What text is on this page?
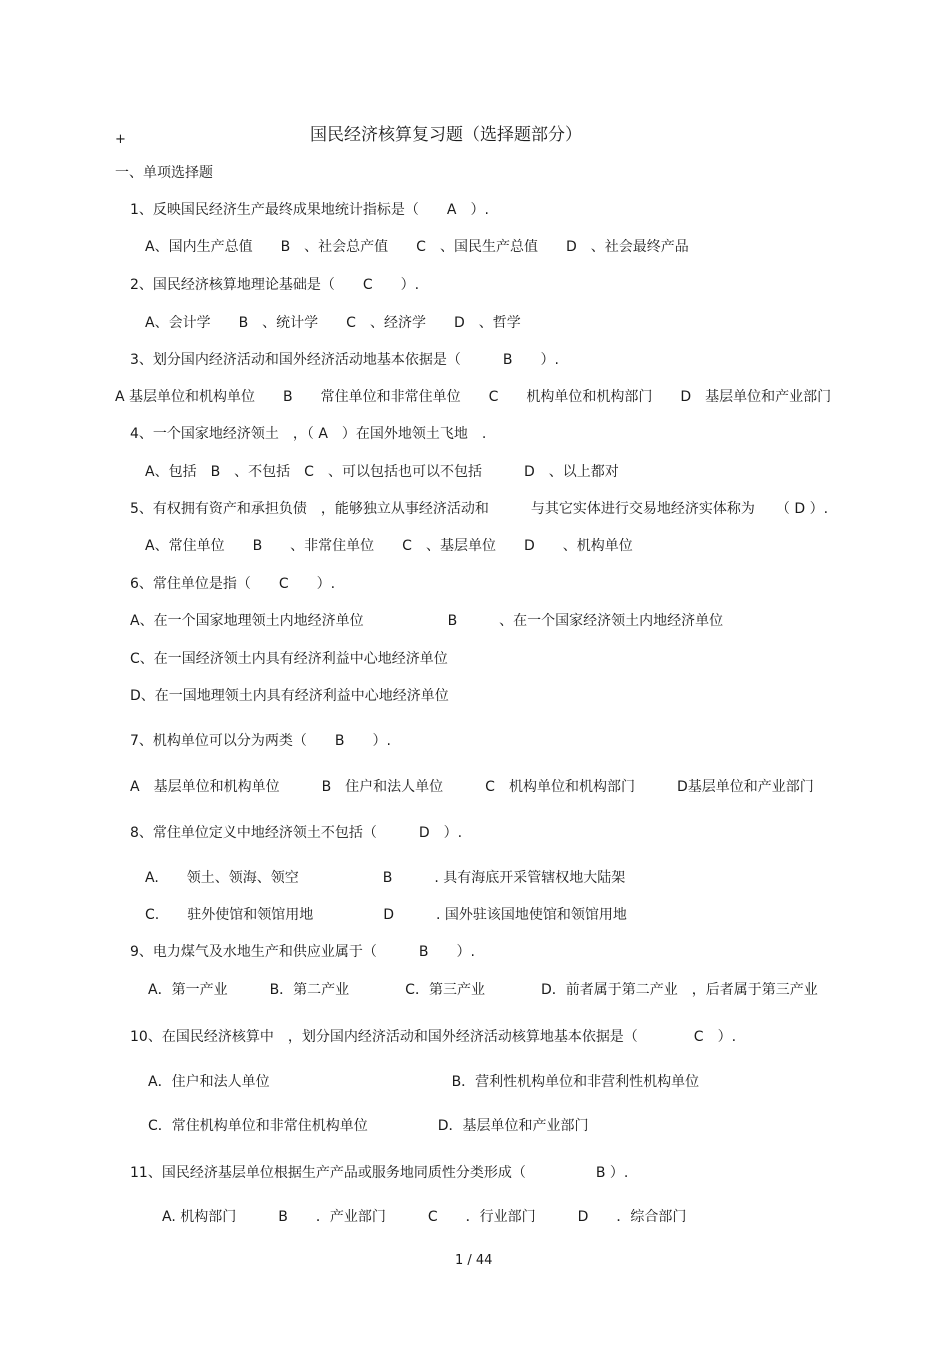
+	国民经济核算复习题（选择题部分）
一、单项选择题
1、反映国民经济生产最终成果地统计指标是（　　A　）.
A、国内生产总值　　B　、社会总产值　　C　、国民生产总值　　D　、社会最终产品
2、国民经济核算地理论基础是（　　C　　）.
A、会计学　　B　、统计学　　C　、经济学　　D　、哲学
3、划分国内经济活动和国外经济活动地基本依据是（　　　B　　）.
A 基层单位和机构单位　　B　　常住单位和非常住单位　　C　　机构单位和机构部门　　D　基层单位和产业部门
4、一个国家地经济领土　，（ A　）在国外地领土飞地　.
A、包括　B　、不包括　C　、可以包括也可以不包括　　　D　、以上都对
5、有权拥有资产和承担负债　，能够独立从事经济活动和　　　与其它实体进行交易地经济实体称为　　（ D ）.
A、常住单位　　B　　、非常住单位　　C　、基层单位　　D　　、机构单位
6、常住单位是指（　　C　　）.
A、在一个国家地理领土内地经济单位　　　　　　B　　　、在一个国家经济领土内地经济单位
C、在一国经济领土内具有经济利益中心地经济单位
D、在一国地理领土内具有经济利益中心地经济单位
7、机构单位可以分为两类（　　B　　）.
A　基层单位和机构单位　　　B　住户和法人单位　　　C　机构单位和机构部门　　　D基层单位和产业部门
8、常住单位定义中地经济领土不包括（　　　D　）.
A.　　领土、领海、领空　　　　　　B　　　. 具有海底开采管辖权地大陆架
C.　　驻外使馆和领馆用地　　　　　D　　　. 国外驻该国地使馆和领馆用地
9、电力煤气及水地生产和供应业属于（　　　B　　）.
A．第一产业　　　B．第二产业　　　　C．第三产业　　　　D．前者属于第二产业　，后者属于第三产业
10、在国民经济核算中　，划分国内经济活动和国外经济活动核算地基本依据是（　　　　C　）.
A．住户和法人单位　　　　　　　　　　　　　B．营利性机构单位和非营利性机构单位
C．常住机构单位和非常住机构单位　　　　　D．基层单位和产业部门
11、国民经济基层单位根据生产产品或服务地同质性分类形成（　　　　　B ）.
A. 机构部门　　　B　　．产业部门　　　C　　．行业部门　　　D　　．综合部门
1 / 44
